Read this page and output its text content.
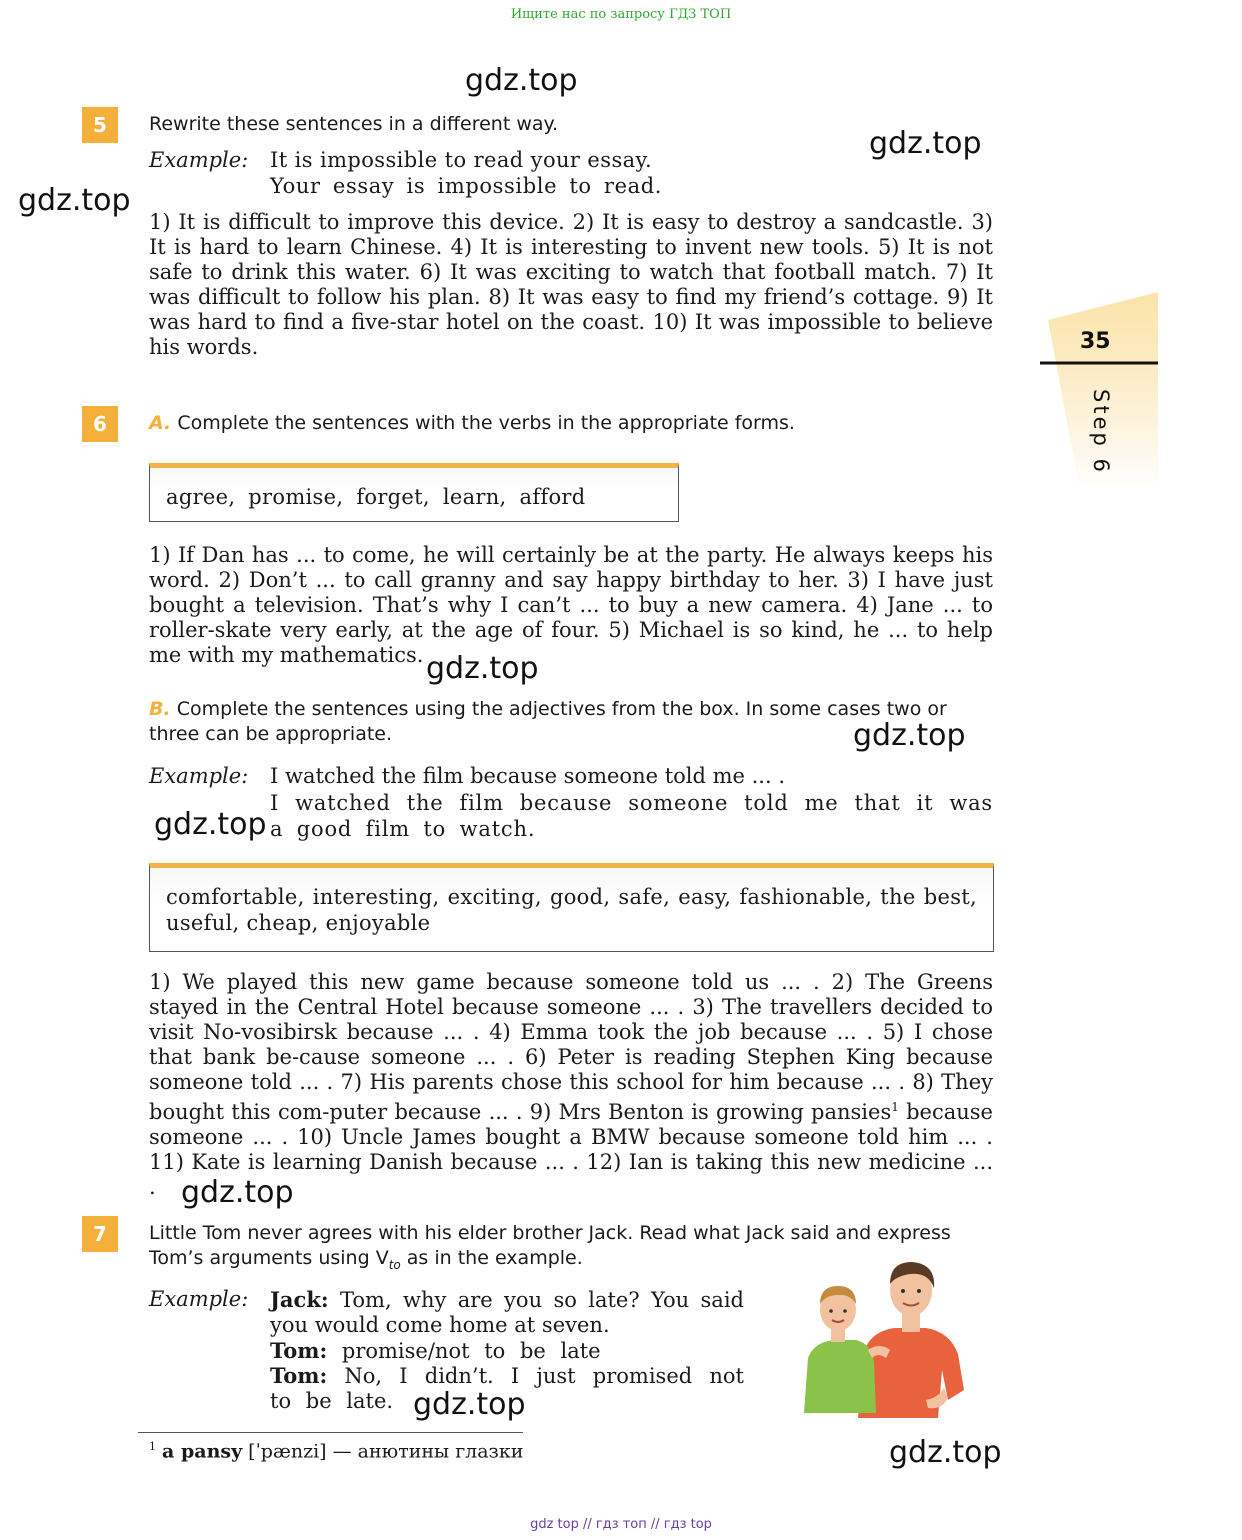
Ищите нас по запросу ГДЗ ТОП
gdz.top
gdz.top
gdz.top
gdz.top
gdz.top
gdz.top
gdz.top
gdz.top
gdz.top
35
Step 6
5	Rewrite these sentences in a different way.
Example: It is impossible to read your essay.
Your essay is impossible to read.
1) It is difficult to improve this device. 2) It is easy to destroy a sandcastle. 3) It is hard to learn Chinese. 4) It is interesting to invent new tools. 5) It is not safe to drink this water. 6) It was exciting to watch that football match. 7) It was difficult to follow his plan. 8) It was easy to find my friend’s cottage. 9) It was hard to find a five-star hotel on the coast. 10) It was impossible to believe his words.
6	A. Complete the sentences with the verbs in the appropriate forms.
agree, promise, forget, learn, afford
1) If Dan has ... to come, he will certainly be at the party. He always keeps his word. 2) Don’t ... to call granny and say happy birthday to her. 3) I have just bought a television. That’s why I can’t ... to buy a new camera. 4) Jane ... to roller-skate very early, at the age of four. 5) Michael is so kind, he ... to help me with my mathematics.
B. Complete the sentences using the adjectives from the box. In some cases two or three can be appropriate.
Example: I watched the film because someone told me ... .
I watched the film because someone told me that it was a good film to watch.
comfortable, interesting, exciting, good, safe, easy, fashionable, the best, useful, cheap, enjoyable
1) We played this new game because someone told us ... . 2) The Greens stayed in the Central Hotel because someone ... . 3) The travellers decided to visit No-vosibirsk because ... . 4) Emma took the job because ... . 5) I chose that bank be-cause someone ... . 6) Peter is reading Stephen King because someone told ... . 7) His parents chose this school for him because ... . 8) They bought this com-puter because ... . 9) Mrs Benton is growing pansies$^1$ because someone ... . 10) Uncle James bought a BMW because someone told him ... . 11) Kate is learning Danish because ... . 12) Ian is taking this new medicine ... .
7	Little Tom never agrees with his elder brother Jack. Read what Jack said and express Tom’s arguments using $V_{to}$ as in the example.
Example: Jack: Tom, why are you so late? You said you would come home at seven.
Tom: promise/not to be late
Tom: No, I didn’t. I just promised not to be late.
$^1$ a pansy [ˈpænzi] — анютины глазки
gdz top // гдз топ // гдз top
